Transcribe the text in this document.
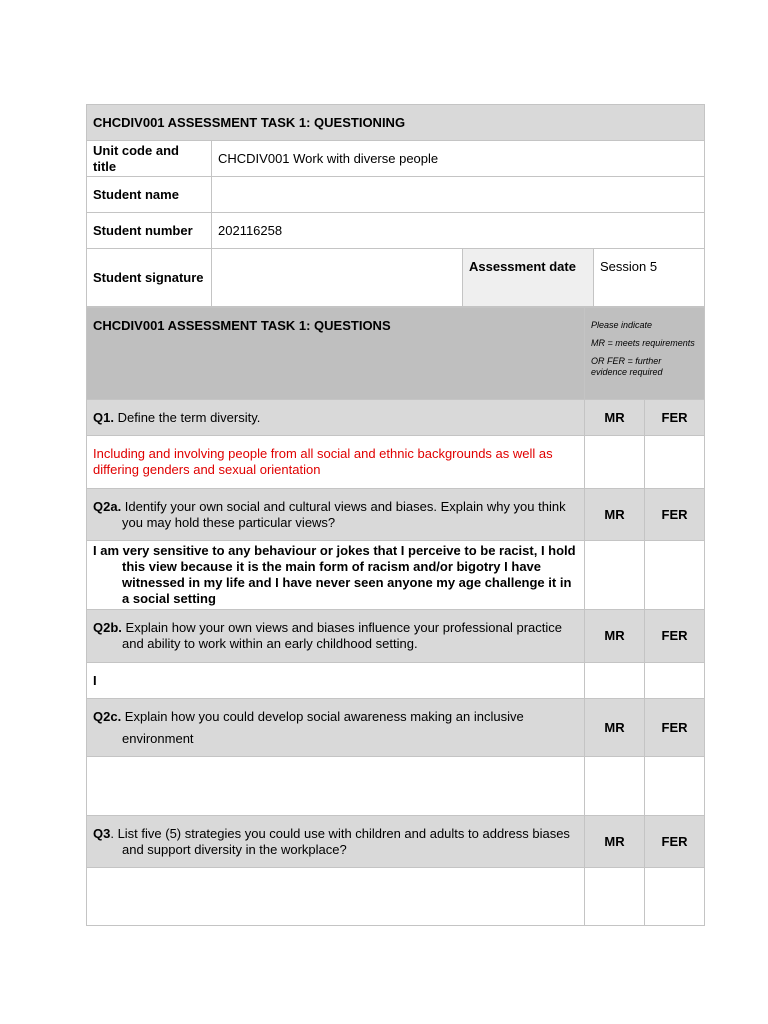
CHCDIV001 ASSESSMENT TASK 1: QUESTIONING			
Unit code and title	CHCDIV001 Work with diverse people		
Student name			
Student number	202116258		
Student signature		Assessment date	Session 5
CHCDIV001 ASSESSMENT TASK 1: QUESTIONS	Please indicate

MR = meets requirements

OR FER = further evidence required	

Q1. Define the term diversity.	MR	FER
Including and involving people from all social and ethnic backgrounds as well as differing genders and sexual orientation		
Q2a. Identify your own social and cultural views and biases. Explain why you think you may hold these particular views?	MR	FER
I am very sensitive to any behaviour or jokes that I perceive to be racist, I hold this view because it is the main form of racism and/or bigotry I have witnessed in my life and I have never seen anyone my age challenge it in a social setting		
Q2b. Explain how your own views and biases influence your professional practice and ability to work within an early childhood setting.	MR	FER
I		

Q2c. Explain how you could develop social awareness making an inclusive
environment	MR	FER

Q3. List five (5) strategies you could use with children and adults to address biases and support diversity in the workplace?	MR	FER
